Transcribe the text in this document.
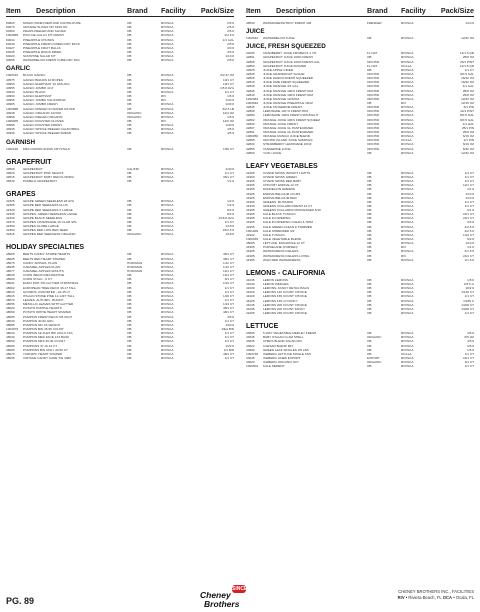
Item	Description	Brand	Facility	Pack/Size
60825	MIXED HONEYDEW AND CANTALOUPE	OB	RIVISCA	2/5 #
60670	ORANGE SLICES ON SKIN ON	OB	RIVISCA	2/5 #
60460	PEARS PEELED AND SLICED	OB	RIVISCA	2/5 #
1004685	PICO DE GALLO KIT FRESH	OB	RIVISCA	4/2.5 #
60044	PINEAPPLE CHUNKS	OB	RIVISCA	1/1 GAL
60040	PINEAPPLE FRESH CORED DRY PACK	OB	RIVISCA	2/5 #
60427	PINEAPPLE FRUIT BALLS	OB	RIVISCA	3/3 #
60045	PINEAPPLE RINGS DRIED	OB	RIVISCA	3/3 #
60020	SUNSHINE SALAD KIT	OB	RIVISCA	1/10 #
60065	WATERMELON FRESH CUBE DRY PAC	OB	RIVISCA	2/5 #
GARLIC
1000310	BLACK GARLIC	OB	RIVISCA	6/2.47 OZ
40575	GARLIC BRAIDS 10 ROPES	OB	RIVISCA	10/1 CT
40950	GARLIC ELEPHANT 10 LBS AVG	OB	RIVISCA	10/1 CT
40955	GARLIC JUMBO 10 #	OB	RIVISCA	1/5 # AVG
40940	GARLIC BLACK	OB	RIVISCA	1/1 CT
40960	GARLIC ELEPHANT	OB	RIV	1/5 #
40955	GARLIC JUMBO CALIFORNIA	OB	RIV	1/30 #
40905	GARLIC JUMBO FRESH	OB	RIVISCA	1/30 #
1003898	GARLIC MINCED IN WATER 6/2.5LB	OB	RIVISCA	6/2.5 LB
40948	GARLIC ORGANIC 12/3OZ	ORGANIC	RIVISCA	12/3 OZ
40968	GARLIC PEELED ORGANIC	ORGANIC	RIVISCA	1/5 #
1006005	GARLIC ROASTED CLOVES	OB	RIV	12/6 OZ
40965	GARLIC ROASTED FRESH	OB	RIVISCA	1/40 #
40945	GARLIC WHOLE PEELED CALIFORNIA	OB	RIVISCA	4/5 #
40930	GARLIC WHOLE PEELED FRESH	OB	RIVISCA	4/5 #
GARNISH
1002190	MINI CROWN SNOW CRYSTALS	OB	RIVISCA	1/50 CT
GRAPEFRUIT
49500	GRAPEFRUIT	CALIFRI	RIVISCA	1/40 #
49520	GRAPEFRUIT PINK SEACHI	OB	RIVISCA	1/1 CT
49515	GRAPEFRUIT RUBY RED FLORIDA	OB	RIVISCA	36/1 CT
49540	POMELO GRAPEFRUIT	OB	RIVISCA	1/1 #
GRAPES
42325	GRAPE GREEN SEEDLESS 2# AVG	OB	RIVISCA	1/2 #
42305	GRAPE RED SEEDLESS CLUS	OB	RIVISCA	1/2 #
42320	GRAPE RED SEEDLESS X LARGE	OB	RIVISCA	8/2 #
42335	GRAPES, GREEN SEEDLESS LARGE	OB	RIVISCA	8/2 #
42340	GRAPE BLACK SEEDLESS	OB	RIVISCA	1/18 # AVG
42370	GRAPES CHAMPAGNE 16 CLAM SHL	OB	RIVISCA	1/1 CT
42390	GRAPES GLOBE LARGE	OB	RIVISCA	1/18 #
42360	GRAPES RED LOW RED SEED	OB	RIVISCA	15/2.5 #
42315	GRAPES RED SEEDLESS ORGANIC	ORGANIC	RIVISCA	1/18 #
HOLIDAY SPECIALTIES
48005	BEETS CANDY STRIPE HEARTS	OB	RIVISCA	48/1 CT
48025	BEETS RED HEART SHAPED	OB	RIVISCA	48/1 CT
48075	CANDY APPLES, PLAIN	HOFFMAN	RIVISCA	1/12 CT
48035	CARAMEL APPLES PLAIN	HOFFMAN	RIVISCA	1/12 CT
48077	CARAMEL APPLES W/NUTS	HOFFMAN	RIVISCA	12/1 CT
48030	CORN INDIAN DECORATIVE	OB	RIVISCA	12/1 CT
48020	CORN STALK - 6 CT	OB	RIVISCA	6/1 CT
48031	EURO POP-TIN GLITTER CHRISTMAS	OB	RIVISCA	1/24 CT
48002	EUROPEAN TREE DECO 18-17 TALL	OB	RIVISCA	1/1 CT
48013	GOURDS, ASSORTED - 10-45 LT	OB	RIVISCA	1/1 CT
48015	ITALIAN STONE PINE 12-14FT TALL	OB	RIVISCA	1/20 CT
48070	LEAVES, AUTUMN - BUNCH	OB	RIVISCA	1/1 CT
48055	METALLIC LEAVES WITH GLITTER	OB	RIVISCA	1/24 CT
48020	POTATO PURPLE HEARTS	OB	RIVISCA	48/1 CT
48050	POTATO WHITE HEART SHAPED	OB	RIVISCA	48/1 CT
48085	PUMPKIN FRESH DECO 5/6 INCH	OB	RIVISCA	4/5 #
48040	PUMPKIN 40-60 GRC	OB	RIVISCA	1/1 CT
48085	PUMPKIN 6IN X6 VENICH	OB	RIVISCA	1/60 #
1004979	PUMPKIN BIN 45-65 COUNT	OB	RIVISCA	1/EA BIN
48040	PUMPKIN LE FLEX BIK 20x1X CFA	OB	RIVISCA	1/1 CT
48040	PUMPKIN MED FACE 1X4 BASK	OB	RIVISCA	1/1 CT
48050	PUMPKIN MINI 30-40 COUNT	OB	RIVISCA	1/1 CT
48065	PUMPKINS 'R' 10-12 CT	OB	RIVISCA	1/22 #
48060	PUMPKINS BIN ONLY 40-50 CT	OB	RIVISCA	1/1 BIN
48070	TURNIPS, HEART SHAPED	OB	RIVISCA	48/1 CT
48035	VINTAGE CANDY CANE TIN 1080	OB	RIVISCA	1/1 CT
Item	Description	Brand	Facility	Pack/Size
48540	WATERCRESS/TROY FRESH 10#	FRESKER	RIVISCA	1/10 #
JUICE
1002540	WATERMELON JUICE	OB	RIVISCA	12/32 OZ
JUICE, FRESH SQUEEZED
42005	CRANBERRY JUICE FROZEN 5-1 7/6	FL NAT	RIVISCA	12/1.5 QR
42801	GRAPEFRUIT JUICE 100% FRESH	OB	RIVISCA	25/8 OZ
42865	GRAPEFRUIT JUICE 100% FRESH GAL	ORCHID	RIVISCA	25/1 PINT
42850	GRAPEFRUIT JUICE FROZEN	FL NAT	OCALA	12/1.5 QR
42825	JUICE APPLE CIDER	OB	RIVISCA	1/1 CT
42830	JUICE GRAPEFRUIT SUGAR	ORCHID	RIVISCA	9/0.5 GAL
42825	JUICE LEMON FRESH SQUEEZED	ORCHID	RIVISCA	16/32 OZ
42815	JUICE LIME FRESH SQUEEZED	ORCHID	RIVISCA	16/32 OZ
42830	JUICE ORANGE 4/1 GAL	ORCHID	RIVISCA	4/1 GAL
42845	JUICE ORANGE 100% FRESH 9OZ	ORCHID	RIVISCA	25/8 OZ
42840	JUICE ORANGE 100% FRESH 9OZ	ORCHID	RIVISCA	25/8 OZ
1002084	JUICE ORANGE 12/32OZ	ORCHID	RIVISCA	12/32 OZ
1003640	JUICE ORANGE PINEAPPLE 16OZ	OB	RIV	12/16 OZ
42845	JUICE TANGERINE FRESH	ORCHID	RIVISCA	6/1 PIN
42890	LEMONADE 100 % FRESH 8OZ	ORCHID	RIVISCA	12/1 PINT
42880	LEMONADE 100% FRESH NATURAL 8'	ORCHID	RIVISCA	8/0.5 GAL
42802	ORANGE JUICE 100% FRESH SQUEEZ	ORCHID	RIVISCA	9/0.5 GAL
42830	ORANGE JUICE FRESH	ORCHID	RIVISCA	1/1 GAL
42807	ORANGE JUICE GL PASTEURIZED	ORCHID	RIVISCA	25/1 PIN
42801	ORANGE JUICE GL PASTEURIZED	ORCHID	RIVISCA	25/8 OZ
1006050	ORANGE MANGO JUICE BLEND	ORCHID	RIVISCA	6/16 OZ
42895	ORCHID ISLAND JUICE SAMPLES	ORCHID	OCALA	1/1 PIN
42820	STRAWBERRY LEMONADE 16OZ	ORCHID	RIVISCA	6/16 OZ
42855	TANGERINE JUICE	ORCHID	RIVISCA	6/32 OZ
42800	YUZU JUICE	OB	RIVISCA	12/32 OZ
LEAFY VEGETABLES
41905	CHARD SWISS, BRIGHT LIGHTS	OB	RIVISCA	1/1 CT
41900	CHARD SWISS GREEN	OB	RIVISCA	1/1 CT
41905	CHARD SWISS RED BABY	OB	RIVISCA	1/1 CT
41905	CHICORY ENDIVE 12 CT	OB	RIVISCA	12/1 CT
41905	DANDELION GREENS	OB	RIVISCA	1/1 #
41905	ENDIVE BELGIUM 10 LBS	OB	RIVISCA	1/10 #
41925	ENDIVE BELGIUM RED	OB	RIVISCA	1/10 #
41905	GREENS, MUSTARD	OB	RIVISCA	1/1 CT
41940	GREENS COLLARD FRESH 12 CT	OB	RIVISCA	1/1 CT
41905	GREENS COLLARDS PROCESSED 6/1#	OB	RIVISCA	6/1 #
41905	KALE BLACK TUSCAN	OB	RIVISCA	24/1 CT
41905	KALE FLOWERING	OB	RIVISCA	24/1 CT
41905	KALE FLOWERING CLEAN & TRIM	OB	RIVISCA	2/3 #
41905	KALE GREEN CLEAN & TRIMMED	OB	RIVISCA	4/2.5 #
1001909	KALE SHREDDED 3/#	OB	RIVISCA	4/2.5 #
41902	KALE TUSCAN	OB	RIVISCA	1/24 CT
1000935	KALE VEGETABLE BLEND	OB	RIVISCA	6/2 #
48005	LETTUCE, ESCAROLE 12 CT	OB	RIVISCA	1/10 #
41905	PURSELANE (PURSEN)	OB	RIV	1/1 #
41905	WATERCRESS ICELESS	OB	RIVISCA	2/1.5 #
41905	WATERCRESS ICELESS LIVING	OB	RIV	24/1 CT
41995	WILD RED WATERCRESS	OB	RIVISCA	1/1.5 #
LEMONS - CALIFORNIA
41045	LEMON LEMONS	OB	RIVISCA	1/5 #
41040	LEMON WEDGES	OB	RIVISCA	2/3.5 G
41030	LEMONS- FANCY RETAIL BAGS	OB	RIVISCA	18/2 #
41020	LEMONS 140 COUNT CHOICE	OB	RIVISCA	1/140 CT
41020	LEMONS 165 COUNT CHOICE	OB	RIVISCA	1/1 CT
41025	LEMONS 165-17 FANCY	OB	RIVISCA	1/165 C
41045	LEMONS 200 COUNT CHOICE	OB	RIVISCA	1/200 CT
41005	LEMONS 200 COUNT FANCY	OB	RIVISCA	1/200 CT
41005	LEMONS 235 COUNT CHOICE	OB	RIVISCA	1/1 CT
LETTUCE
43605	5-WAY VEGETABLE MEDLEY FRESH	OB	RIVISCA	4/5 #
43645	BABY ITALIAN CLAM SHELL	ORGANIC	RIVISCA	6/5 OZ
43045	CHEFS BLEND SALAD MIX	OB	RIVISCA	4/5 #
43622	CAESAR BLEND MIX	OB	RIVISCA	4/5 #
43690	GREEN LEAF SINGLES 2/5 LBS	OB	RIVISCA	1/5 #
1003736	ICEBERG LETTUCE SINGLE 16/5	OB	OCALA	1/1 CT
43645	ICEBERG LINER EXPORT	EXPORT	RIVISCA	24/1 CT
43620	ICEBERG ORGANIC 6CT	ORGANIC	RIVISCA	6/1 CT
1000504	KALE SEMENT	OB	RIVISCA	1/1 CT
PG. 89
SINCE
Cheney
Brothers
CHENEY BROTHERS INC., FACILITIES
RIV • Riviera Beach, FL OCA • Ocala, FL
